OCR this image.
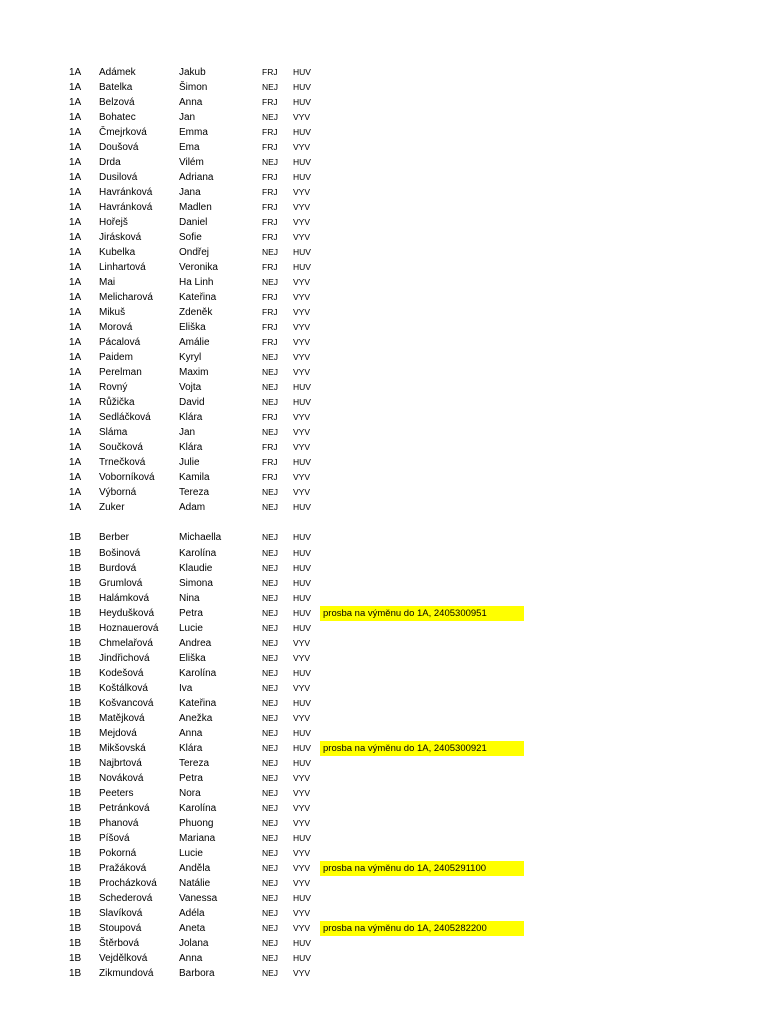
1A Adámek	Jakub	FRJ HUV
1A Batelka	Šimon	NEJ HUV
1A Belzová	Anna	FRJ HUV
1A Bohatec	Jan	NEJ VYV
1A Čmejrková	Emma	FRJ HUV
1A Doušová	Ema	FRJ VYV
1A Drda	Vilém	NEJ HUV
1A Dusilová	Adriana	FRJ HUV
1A Havránková	Jana	FRJ VYV
1A Havránková	Madlen	FRJ VYV
1A Hořejš	Daniel	FRJ VYV
1A Jirásková	Sofie	FRJ VYV
1A Kubelka	Ondřej	NEJ HUV
1A Linhartová	Veronika	FRJ HUV
1A Mai	Ha Linh	NEJ VYV
1A Melicharová	Kateřina	FRJ VYV
1A Mikuš	Zdeněk	FRJ VYV
1A Morová	Eliška	FRJ VYV
1A Pácalová	Amálie	FRJ VYV
1A Paidem	Kyryl	NEJ VYV
1A Perelman	Maxim	NEJ VYV
1A Rovný	Vojta	NEJ HUV
1A Růžička	David	NEJ HUV
1A Sedláčková	Klára	FRJ VYV
1A Sláma	Jan	NEJ VYV
1A Součková	Klára	FRJ VYV
1A Trnečková	Julie	FRJ HUV
1A Voborníková Kamila	FRJ VYV
1A Výborná	Tereza	NEJ VYV
1A Zuker	Adam	NEJ HUV
1B Berber	Michaella	NEJ HUV
1B Bošinová	Karolína	NEJ HUV
1B Burdová	Klaudie	NEJ HUV
1B Grumlová	Simona	NEJ HUV
1B Halámková	Nina	NEJ HUV
1B Heydušková Petra	NEJ HUV	prosba na výměnu do 1A, 2405300951
1B Hoznauerová Lucie	NEJ HUV
1B Chmelařová	Andrea	NEJ VYV
1B Jindřichová	Eliška	NEJ VYV
1B Kodešová	Karolína	NEJ HUV
1B Koštálková	Iva	NEJ VYV
1B Košvancová	Kateřina	NEJ HUV
1B Matějková	Anežka	NEJ VYV
1B Mejdová	Anna	NEJ HUV
1B Mikšovská	Klára	NEJ HUV	prosba na výměnu do 1A, 2405300921
1B Najbrtová	Tereza	NEJ HUV
1B Nováková	Petra	NEJ VYV
1B Peeters	Nora	NEJ VYV
1B Petránková	Karolína	NEJ VYV
1B Phanová	Phuong	NEJ VYV
1B Píšová	Mariana	NEJ HUV
1B Pokorná	Lucie	NEJ VYV
1B Pražáková	Anděla	NEJ VYV	prosba na výměnu do 1A, 2405291100
1B Procházková Natálie	NEJ VYV
1B Schederová	Vanessa	NEJ HUV
1B Slavíková	Adéla	NEJ VYV
1B Stoupová	Aneta	NEJ VYV	prosba na výměnu do 1A, 2405282200
1B Štěrbová	Jolana	NEJ HUV
1B Vejdělková	Anna	NEJ HUV
1B Zikmundová	Barbora	NEJ VYV
